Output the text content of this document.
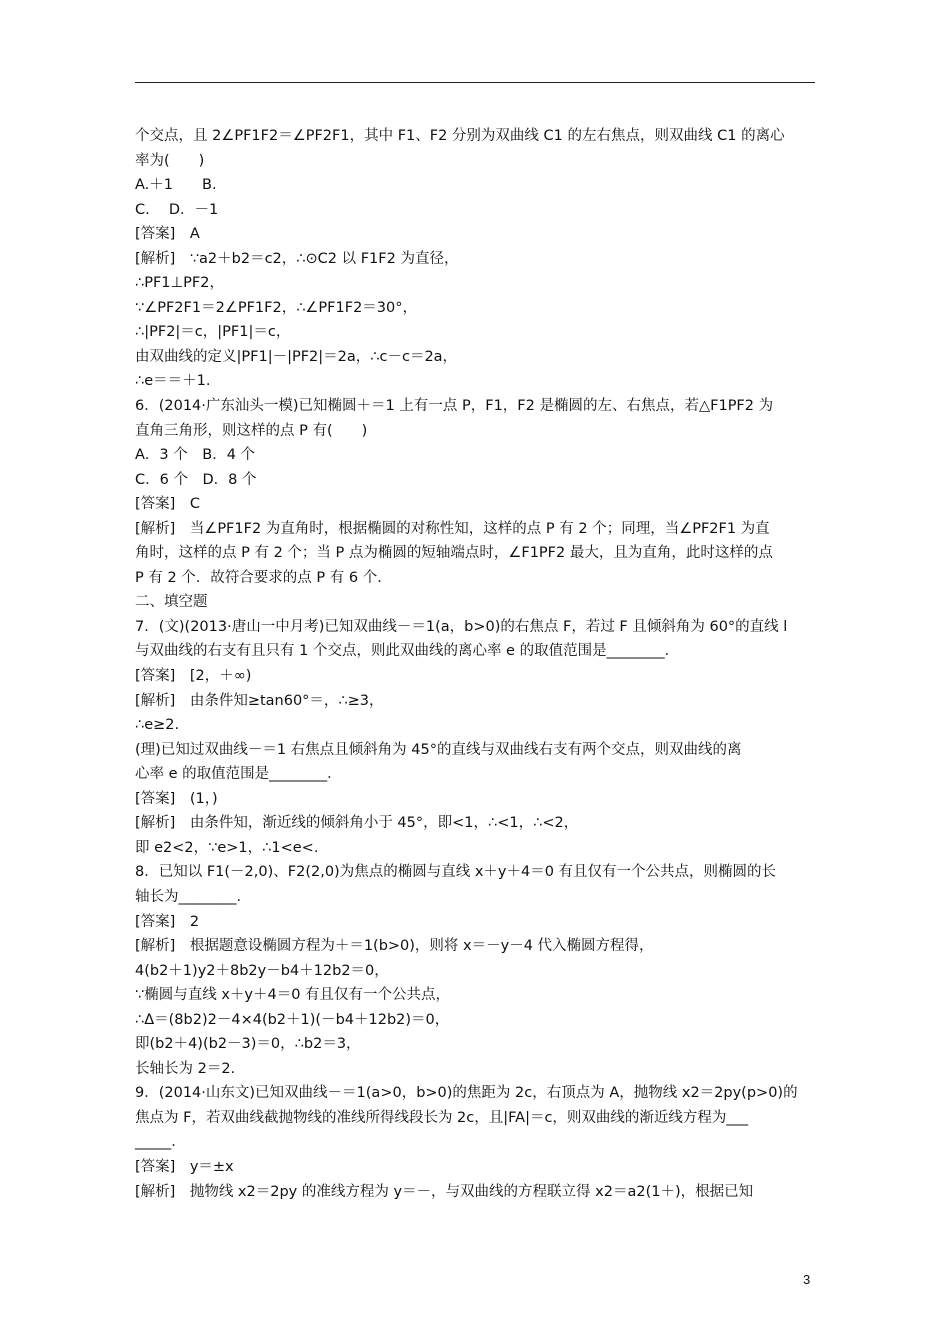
个交点，且 2∠PF1F2＝∠PF2F1，其中 F1、F2 分别为双曲线 C1 的左右焦点，则双曲线 C1 的离心
率为(　　)
A.＋1　　B.
C.　 D．－1
[答案]　A
[解析]　∵a2＋b2＝c2，∴⊙C2 以 F1F2 为直径，
∴PF1⊥PF2，
∵∠PF2F1＝2∠PF1F2，∴∠PF1F2＝30°，
∴|PF2|＝c，|PF1|＝c，
由双曲线的定义|PF1|－|PF2|＝2a，∴c－c＝2a，
∴e＝＝＋1.
6．(2014·广东汕头一模)已知椭圆＋＝1 上有一点 P，F1，F2 是椭圆的左、右焦点，若△F1PF2 为
直角三角形，则这样的点 P 有(　　)
A．3 个　B．4 个
C．6 个　D．8 个
[答案]　C
[解析]　当∠PF1F2 为直角时，根据椭圆的对称性知，这样的点 P 有 2 个；同理，当∠PF2F1 为直
角时，这样的点 P 有 2 个；当 P 点为椭圆的短轴端点时，∠F1PF2 最大，且为直角，此时这样的点
P 有 2 个．故符合要求的点 P 有 6 个．
二、填空题
7．(文)(2013·唐山一中月考)已知双曲线－＝1(a，b>0)的右焦点 F，若过 F 且倾斜角为 60°的直线 l
与双曲线的右支有且只有 1 个交点，则此双曲线的离心率 e 的取值范围是________．
[答案]　[2，＋∞)
[解析]　由条件知≥tan60°＝，∴≥3，
∴e≥2.
(理)已知过双曲线－＝1 右焦点且倾斜角为 45°的直线与双曲线右支有两个交点，则双曲线的离
心率 e 的取值范围是________．
[答案]　(1，)
[解析]　由条件知，渐近线的倾斜角小于 45°，即<1，∴<1，∴<2，
即 e2<2，∵e>1，∴1<e<.
8．已知以 F1(－2,0)、F2(2,0)为焦点的椭圆与直线 x＋y＋4＝0 有且仅有一个公共点，则椭圆的长
轴长为________．
[答案]　2
[解析]　根据题意设椭圆方程为＋＝1(b>0)，则将 x＝－y－4 代入椭圆方程得，
4(b2＋1)y2＋8b2y－b4＋12b2＝0，
∵椭圆与直线 x＋y＋4＝0 有且仅有一个公共点，
∴Δ＝(8b2)2－4×4(b2＋1)(－b4＋12b2)＝0，
即(b2＋4)(b2－3)＝0，∴b2＝3，
长轴长为 2＝2.
9．(2014·山东文)已知双曲线－＝1(a>0，b>0)的焦距为 2c，右顶点为 A，抛物线 x2＝2py(p>0)的
焦点为 F，若双曲线截抛物线的准线所得线段长为 2c，且|FA|＝c，则双曲线的渐近线方程为___
_____．
[答案]　y＝±x
[解析]　抛物线 x2＝2py 的准线方程为 y＝－，与双曲线的方程联立得 x2＝a2(1＋)，根据已知
3
